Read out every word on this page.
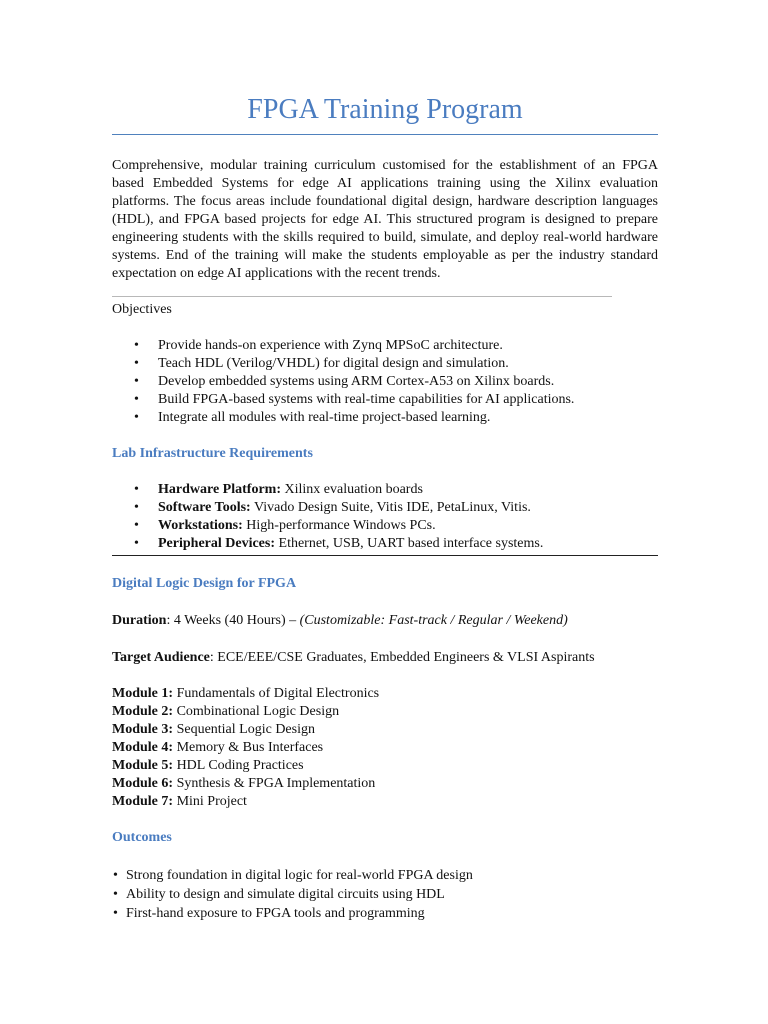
FPGA Training Program

Comprehensive, modular training curriculum customised for the establishment of an FPGA based Embedded Systems for edge AI applications training using the Xilinx evaluation platforms. The focus areas include foundational digital design, hardware description languages (HDL), and FPGA based projects for edge AI. This structured program is designed to prepare engineering students with the skills required to build, simulate, and deploy real-world hardware systems. End of the training will make the students employable as per the industry standard expectation on edge AI applications with the recent trends.

Objectives

• Provide hands-on experience with Zynq MPSoC architecture.
• Teach HDL (Verilog/VHDL) for digital design and simulation.
• Develop embedded systems using ARM Cortex-A53 on Xilinx boards.
• Build FPGA-based systems with real-time capabilities for AI applications.
• Integrate all modules with real-time project-based learning.

Lab Infrastructure Requirements

• Hardware Platform: Xilinx evaluation boards
• Software Tools: Vivado Design Suite, Vitis IDE, PetaLinux, Vitis.
• Workstations: High-performance Windows PCs.
• Peripheral Devices: Ethernet, USB, UART based interface systems.

Digital Logic Design for FPGA

Duration: 4 Weeks (40 Hours) – (Customizable: Fast-track / Regular / Weekend)

Target Audience: ECE/EEE/CSE Graduates, Embedded Engineers & VLSI Aspirants

Module 1: Fundamentals of Digital Electronics
Module 2: Combinational Logic Design
Module 3: Sequential Logic Design
Module 4: Memory & Bus Interfaces
Module 5: HDL Coding Practices
Module 6: Synthesis & FPGA Implementation
Module 7: Mini Project

Outcomes

• Strong foundation in digital logic for real-world FPGA design
• Ability to design and simulate digital circuits using HDL
• First-hand exposure to FPGA tools and programming
